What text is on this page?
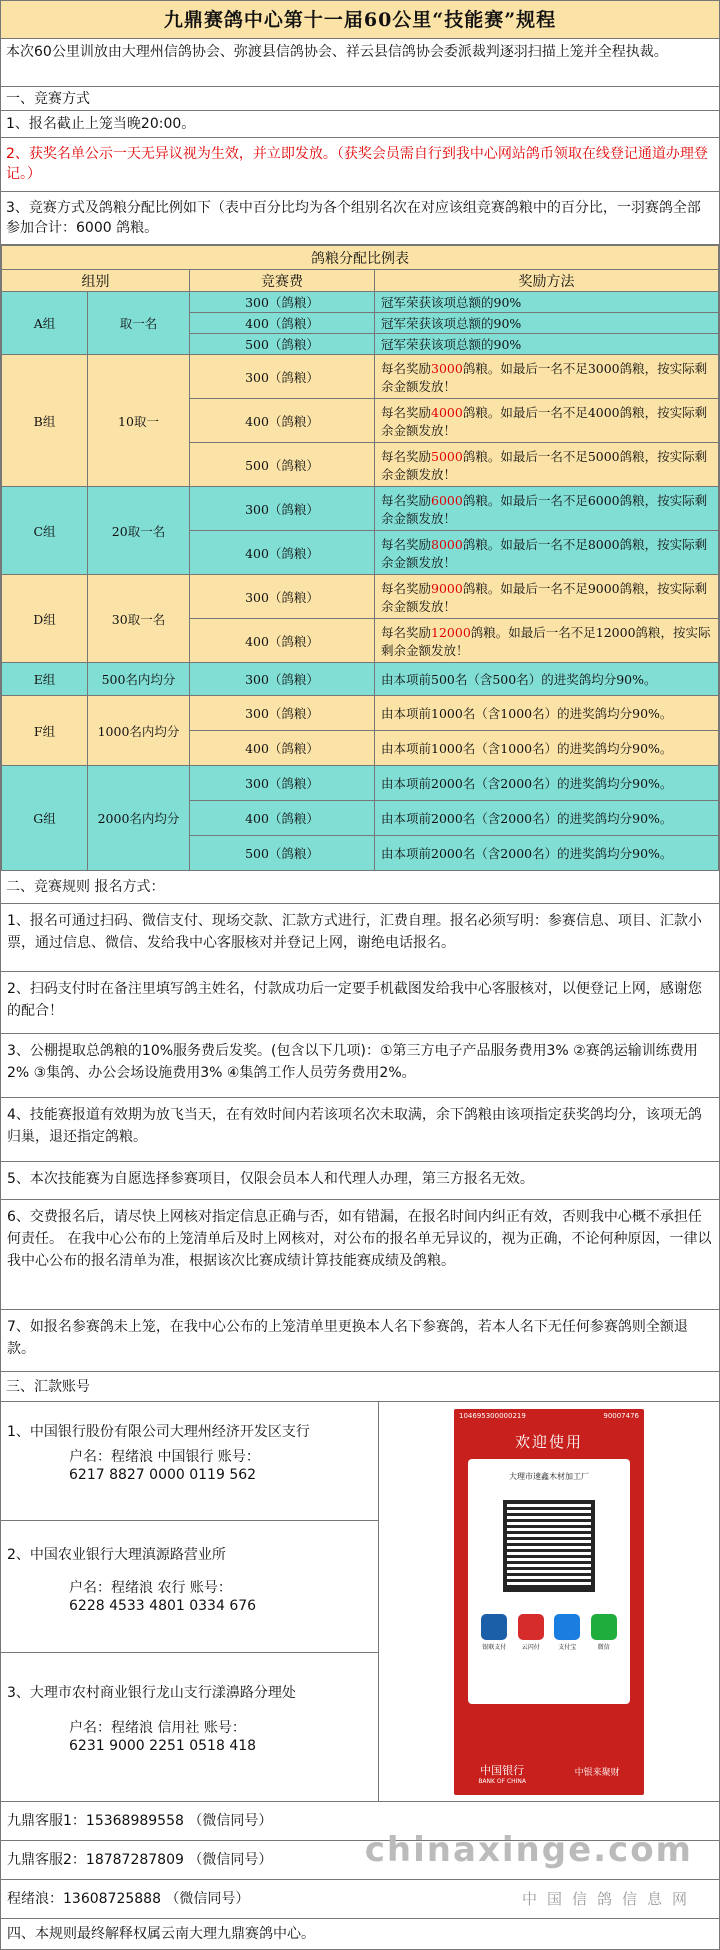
九鼎赛鸽中心第十一届60公里“技能赛”规程
本次60公里训放由大理州信鸽协会、弥渡县信鸽协会、祥云县信鸽协会委派裁判逐羽扫描上笼并全程执裁。
一、竞赛方式
1、报名截止上笼当晚20:00。
2、获奖名单公示一天无异议视为生效，并立即发放。（获奖会员需自行到我中心网站鸽币领取在线登记通道办理登记。）
3、竞赛方式及鸽粮分配比例如下（表中百分比均为各个组别名次在对应该组竞赛鸽粮中的百分比，一羽赛鸽全部参加合计：6000 鸽粮。
鸽粮分配比例表			
组别		竞赛费	奖励方法
A组	取一名	300（鸽粮）	冠军荣获该项总额的90%
		400（鸽粮）	冠军荣获该项总额的90%
		500（鸽粮）	冠军荣获该项总额的90%
B组	10取一	300（鸽粮）	每名奖励3000鸽粮。如最后一名不足3000鸽粮，按实际剩余金额发放！
		400（鸽粮）	每名奖励4000鸽粮。如最后一名不足4000鸽粮，按实际剩余金额发放！
		500（鸽粮）	每名奖励5000鸽粮。如最后一名不足5000鸽粮，按实际剩余金额发放！
C组	20取一名	300（鸽粮）	每名奖励6000鸽粮。如最后一名不足6000鸽粮，按实际剩余金额发放！
		400（鸽粮）	每名奖励8000鸽粮。如最后一名不足8000鸽粮，按实际剩余金额发放！
D组	30取一名	300（鸽粮）	每名奖励9000鸽粮。如最后一名不足9000鸽粮，按实际剩余金额发放！
		400（鸽粮）	每名奖励12000鸽粮。如最后一名不足12000鸽粮，按实际剩余金额发放！
E组	500名内均分	300（鸽粮）	由本项前500名（含500名）的进奖鸽均分90%。
F组	1000名内均分	300（鸽粮）	由本项前1000名（含1000名）的进奖鸽均分90%。
		400（鸽粮）	由本项前1000名（含1000名）的进奖鸽均分90%。
G组	2000名内均分	300（鸽粮）	由本项前2000名（含2000名）的进奖鸽均分90%。
		400（鸽粮）	由本项前2000名（含2000名）的进奖鸽均分90%。
		500（鸽粮）	由本项前2000名（含2000名）的进奖鸽均分90%。
二、竞赛规则 报名方式：
1、报名可通过扫码、微信支付、现场交款、汇款方式进行，汇费自理。报名必须写明：参赛信息、项目、汇款小票，通过信息、微信、发给我中心客服核对并登记上网，谢绝电话报名。
2、扫码支付时在备注里填写鸽主姓名，付款成功后一定要手机截图发给我中心客服核对，以便登记上网，感谢您的配合！
3、公棚提取总鸽粮的10%服务费后发奖。(包含以下几项)：①第三方电子产品服务费用3% ②赛鸽运输训练费用2% ③集鸽、办公会场设施费用3% ④集鸽工作人员劳务费用2%。
4、技能赛报道有效期为放飞当天，在有效时间内若该项名次未取满，余下鸽粮由该项指定获奖鸽均分，该项无鸽归巢，退还指定鸽粮。
5、本次技能赛为自愿选择参赛项目，仅限会员本人和代理人办理，第三方报名无效。
6、交费报名后，请尽快上网核对指定信息正确与否，如有错漏，在报名时间内纠正有效，否则我中心概不承担任何责任。 在我中心公布的上笼清单后及时上网核对，对公布的报名单无异议的，视为正确，不论何种原因，一律以我中心公布的报名清单为准，根据该次比赛成绩计算技能赛成绩及鸽粮。
7、如报名参赛鸽未上笼，在我中心公布的上笼清单里更换本人名下参赛鸽，若本人名下无任何参赛鸽则全额退款。
三、汇款账号
1、中国银行股份有限公司大理州经济开发区支行
户名：程绪浪 中国银行 账号：
6217 8827 0000 0119 562
2、中国农业银行大理滇源路营业所
户名：程绪浪 农行 账号：
6228 4533 4801 0334 676
3、大理市农村商业银行龙山支行漾濞路分理处
户名：程绪浪 信用社 账号：
6231 9000 2251 0518 418
104695300000219	90007476
欢迎使用
大理市速鑫木材加工厂
银联支付	云闪付	支付宝	微信
中国银行
BANK OF CHINA
中银来聚财
九鼎客服1：15368989558 （微信同号）
九鼎客服2：18787287809 （微信同号）	chinaxinge.com
程绪浪：13608725888 （微信同号）	中国信鸽信息网
四、本规则最终解释权属云南大理九鼎赛鸽中心。
